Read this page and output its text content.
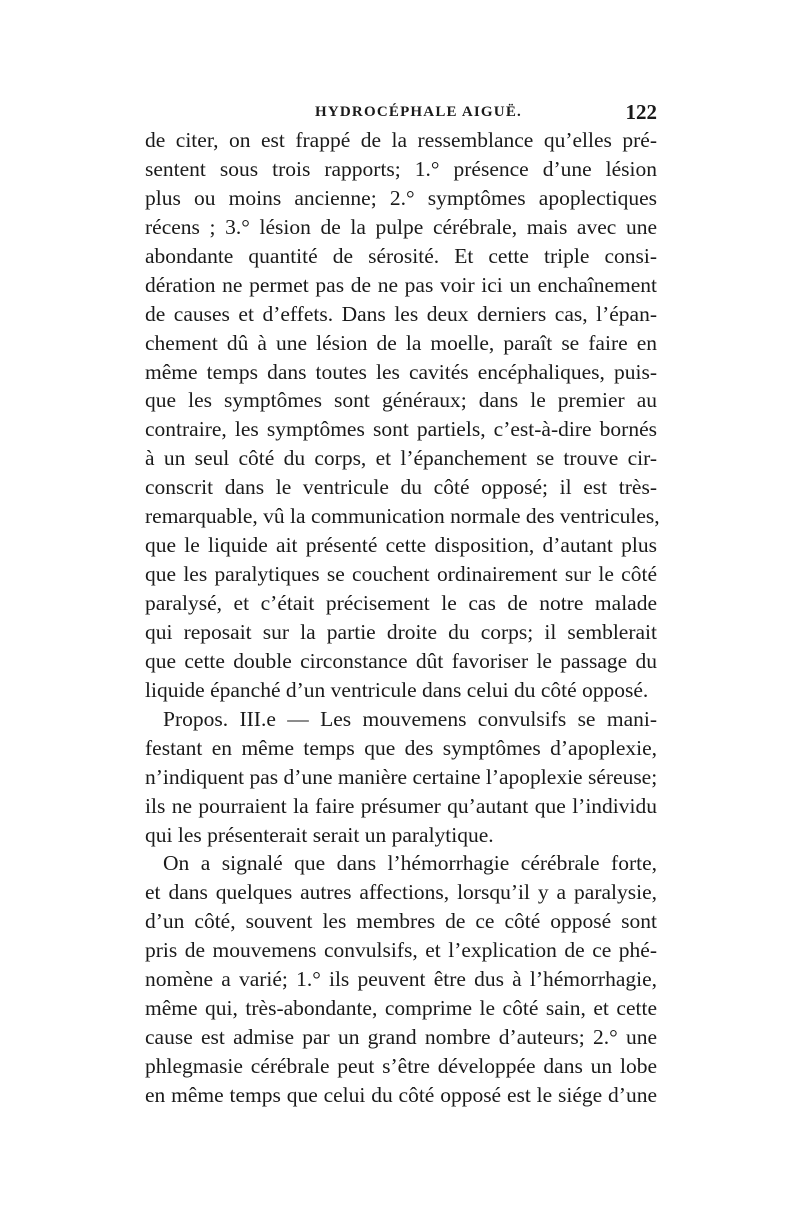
HYDROCÉPHALE AIGUË.	122
de citer, on est frappé de la ressemblance qu’elles pré-
sentent sous trois rapports; 1.° présence d’une lésion
plus ou moins ancienne; 2.° symptômes apoplectiques
récens ; 3.° lésion de la pulpe cérébrale, mais avec une
abondante quantité de sérosité. Et cette triple consi-
dération ne permet pas de ne pas voir ici un enchaînement
de causes et d’effets. Dans les deux derniers cas, l’épan-
chement dû à une lésion de la moelle, paraît se faire en
même temps dans toutes les cavités encéphaliques, puis-
que les symptômes sont généraux; dans le premier au
contraire, les symptômes sont partiels, c’est-à-dire bornés
à un seul côté du corps, et l’épanchement se trouve cir-
conscrit dans le ventricule du côté opposé; il est très-
remarquable, vû la communication normale des ventricules,
que le liquide ait présenté cette disposition, d’autant plus
que les paralytiques se couchent ordinairement sur le côté
paralysé, et c’était précisement le cas de notre malade
qui reposait sur la partie droite du corps; il semblerait
que cette double circonstance dût favoriser le passage du
liquide épanché d’un ventricule dans celui du côté opposé.
Propos. III.e — Les mouvemens convulsifs se mani-
festant en même temps que des symptômes d’apoplexie,
n’indiquent pas d’une manière certaine l’apoplexie séreuse;
ils ne pourraient la faire présumer qu’autant que l’individu
qui les présenterait serait un paralytique.
On a signalé que dans l’hémorrhagie cérébrale forte,
et dans quelques autres affections, lorsqu’il y a paralysie,
d’un côté, souvent les membres de ce côté opposé sont
pris de mouvemens convulsifs, et l’explication de ce phé-
nomène a varié; 1.° ils peuvent être dus à l’hémorrhagie,
même qui, très-abondante, comprime le côté sain, et cette
cause est admise par un grand nombre d’auteurs; 2.° une
phlegmasie cérébrale peut s’être développée dans un lobe
en même temps que celui du côté opposé est le siége d’une
